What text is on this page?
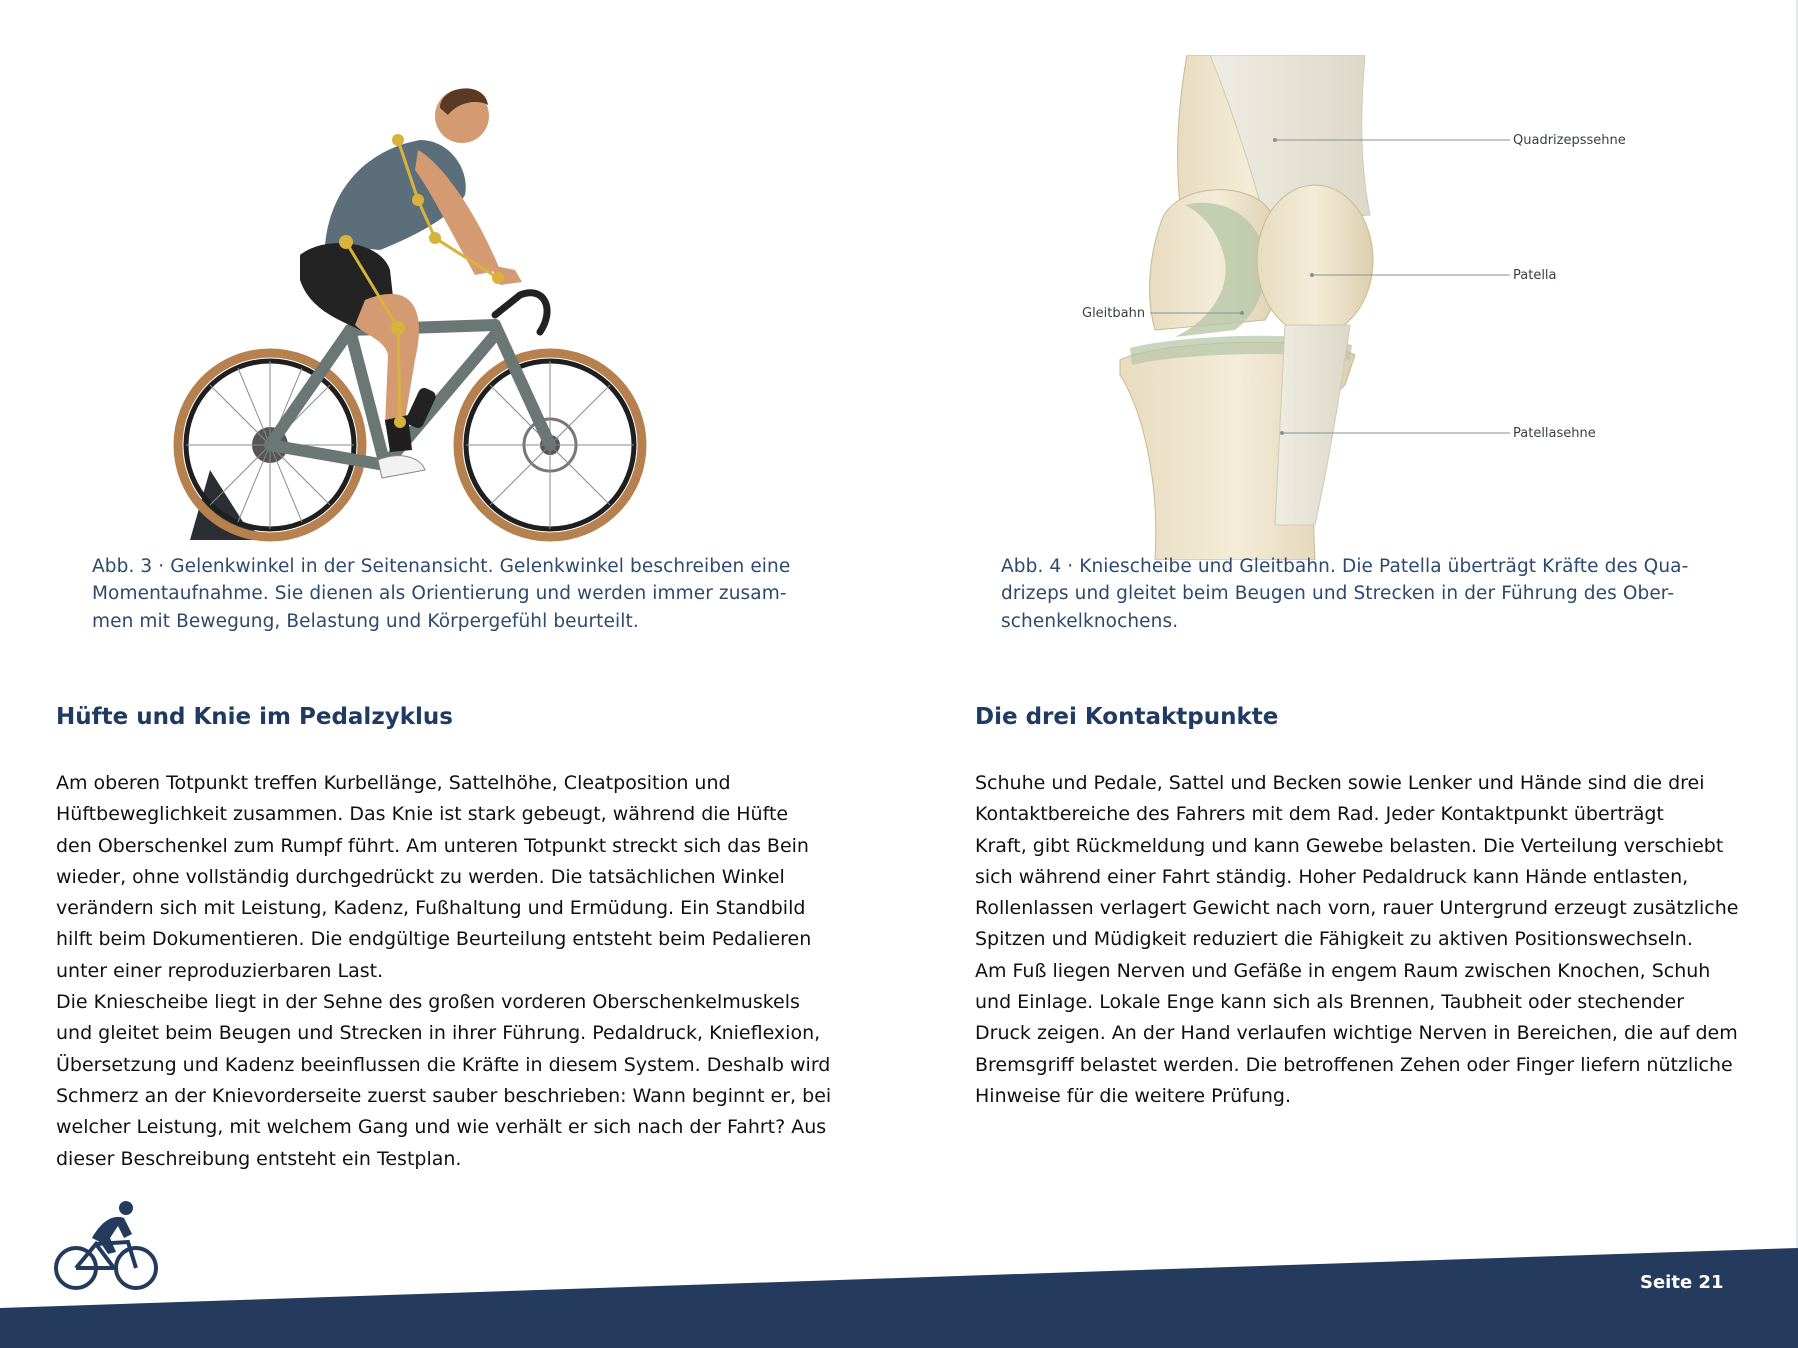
Quadrizepssehne
Patella
Gleitbahn
Patellasehne
Abb. 3 · Gelenkwinkel in der Seitenansicht. Gelenkwinkel beschreiben eine
Momentaufnahme. Sie dienen als Orientierung und werden immer zusam-
men mit Bewegung, Belastung und Körpergefühl beurteilt.
Abb. 4 · Kniescheibe und Gleitbahn. Die Patella überträgt Kräfte des Qua-
drizeps und gleitet beim Beugen und Strecken in der Führung des Ober-
schenkelknochens.
Hüfte und Knie im Pedalzyklus	Die drei Kontaktpunkte
Am oberen Totpunkt treffen Kurbellänge, Sattelhöhe, Cleatposition und
Hüftbeweglichkeit zusammen. Das Knie ist stark gebeugt, während die Hüfte
den Oberschenkel zum Rumpf führt. Am unteren Totpunkt streckt sich das Bein
wieder, ohne vollständig durchgedrückt zu werden. Die tatsächlichen Winkel
verändern sich mit Leistung, Kadenz, Fußhaltung und Ermüdung. Ein Standbild
hilft beim Dokumentieren. Die endgültige Beurteilung entsteht beim Pedalieren
unter einer reproduzierbaren Last.
Die Kniescheibe liegt in der Sehne des großen vorderen Oberschenkelmuskels
und gleitet beim Beugen und Strecken in ihrer Führung. Pedaldruck, Knieflexion,
Übersetzung und Kadenz beeinflussen die Kräfte in diesem System. Deshalb wird
Schmerz an der Knievorderseite zuerst sauber beschrieben: Wann beginnt er, bei
welcher Leistung, mit welchem Gang und wie verhält er sich nach der Fahrt? Aus
dieser Beschreibung entsteht ein Testplan.
Schuhe und Pedale, Sattel und Becken sowie Lenker und Hände sind die drei
Kontaktbereiche des Fahrers mit dem Rad. Jeder Kontaktpunkt überträgt
Kraft, gibt Rückmeldung und kann Gewebe belasten. Die Verteilung verschiebt
sich während einer Fahrt ständig. Hoher Pedaldruck kann Hände entlasten,
Rollenlassen verlagert Gewicht nach vorn, rauer Untergrund erzeugt zusätzliche
Spitzen und Müdigkeit reduziert die Fähigkeit zu aktiven Positionswechseln.
Am Fuß liegen Nerven und Gefäße in engem Raum zwischen Knochen, Schuh
und Einlage. Lokale Enge kann sich als Brennen, Taubheit oder stechender
Druck zeigen. An der Hand verlaufen wichtige Nerven in Bereichen, die auf dem
Bremsgriff belastet werden. Die betroffenen Zehen oder Finger liefern nützliche
Hinweise für die weitere Prüfung.
Seite 21
